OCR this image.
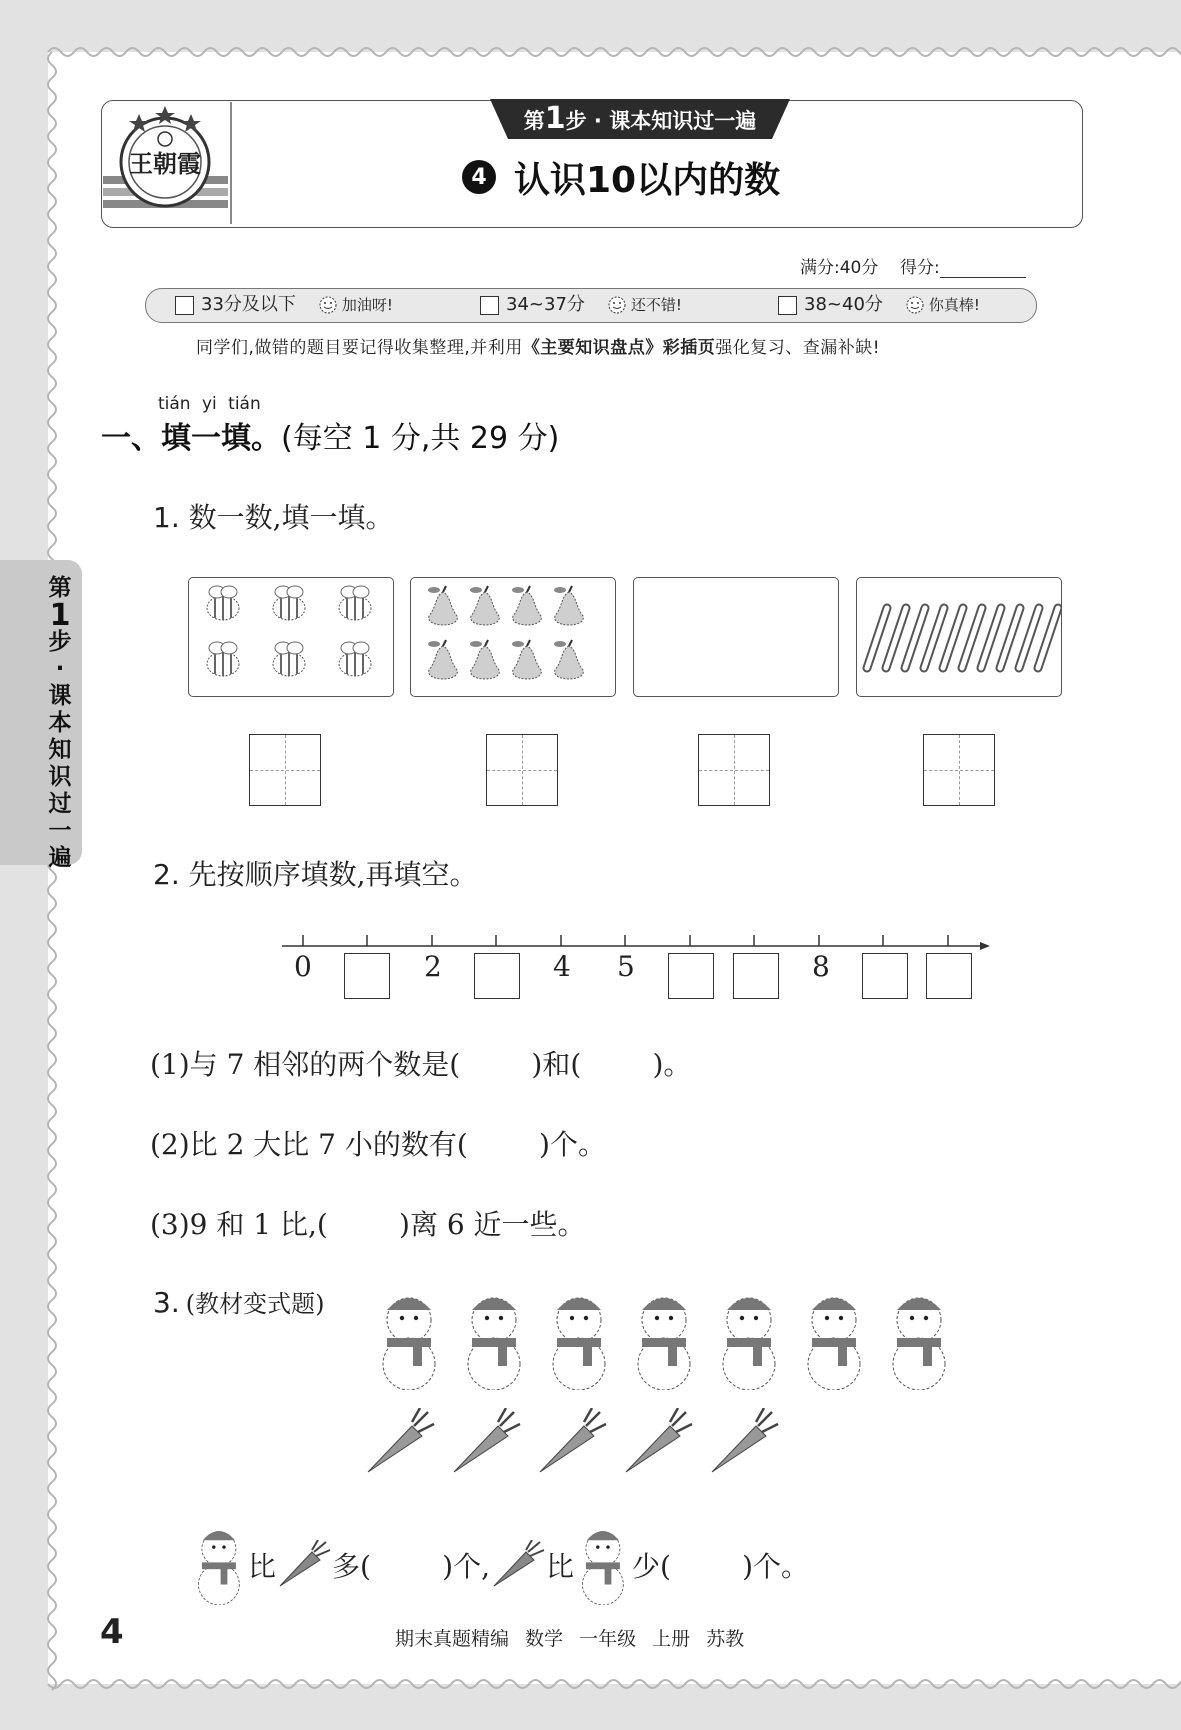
王朝霞
第1步 · 课本知识过一遍
4 认识10以内的数
满分:40分 得分:
33分及以下	加油呀!	34~37分	还不错!	38~40分	你真棒!
同学们,做错的题目要记得收集整理,并利用《主要知识盘点》彩插页强化复习、查漏补缺!
tián yi tián
一、填一填。(每空 1 分,共 29 分)
1. 数一数,填一填。
2. 先按顺序填数,再填空。
0	2	4 5	8
(1)与 7 相邻的两个数是(        )和(        )。
(2)比 2 大比 7 小的数有(        )个。
(3)9 和 1 比,(        )离 6 近一些。
3. (教材变式题)
比 多(        )个, 比 少(        )个。
第
1
步·课本知识过一遍
4	期末真题精编 数学 一年级 上册 苏教
